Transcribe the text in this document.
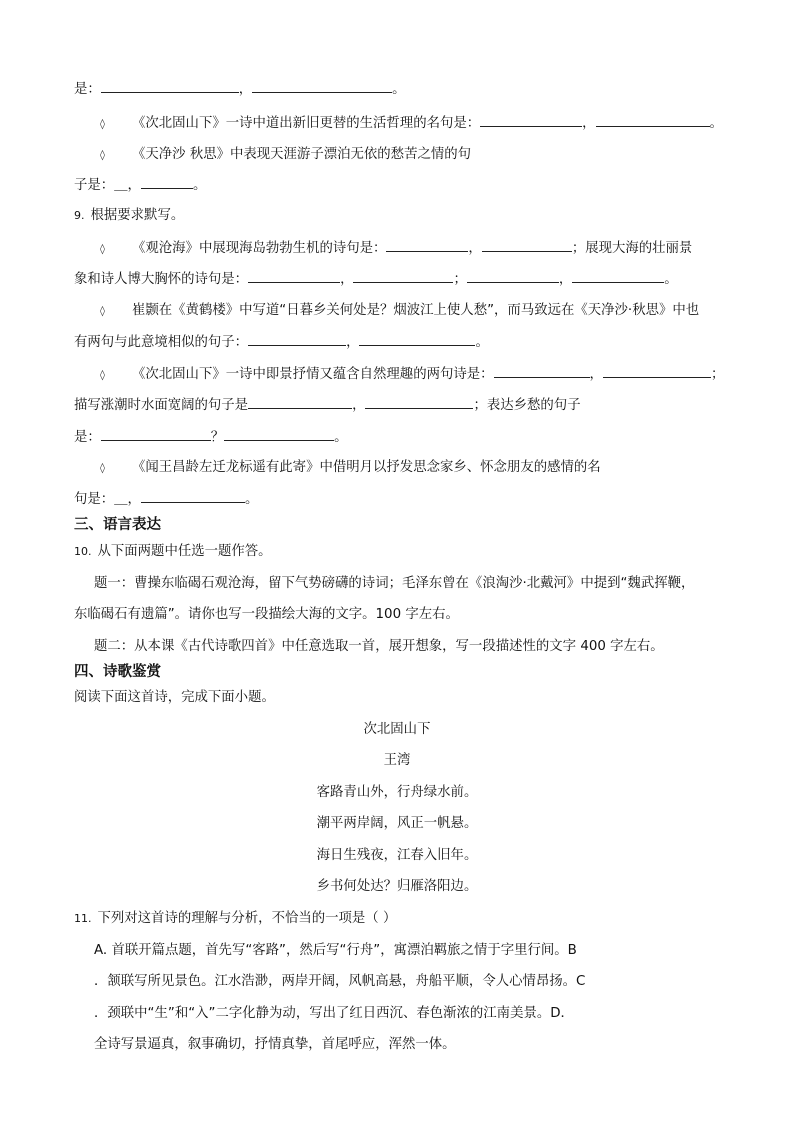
是：	，	。
◊ 《次北固山下》一诗中道出新旧更替的生活哲理的名句是：	，	。
◊ 《天净沙 秋思》中表现天涯游子漂泊无依的愁苦之情的句
子是：＿，	。
9. 根据要求默写。
◊ 《观沧海》中展现海岛勃勃生机的诗句是：	，	；展现大海的壮丽景
象和诗人博大胸怀的诗句是：	，	；	，	。
◊ 崔颢在《黄鹤楼》中写道“日暮乡关何处是？烟波江上使人愁”，而马致远在《天净沙·秋思》中也
有两句与此意境相似的句子：	，	。
◊ 《次北固山下》一诗中即景抒情又蕴含自然理趣的两句诗是：	，	；
描写涨潮时水面宽阔的句子是	，	；表达乡愁的句子
是：	？	。
◊ 《闻王昌龄左迁龙标遥有此寄》中借明月以抒发思念家乡、怀念朋友的感情的名
句是：＿，	。
三、语言表达
10. 从下面两题中任选一题作答。
题一：曹操东临碣石观沧海，留下气势磅礴的诗词；毛泽东曾在《浪淘沙·北戴河》中提到“魏武挥鞭，
东临碣石有遗篇”。请你也写一段描绘大海的文字。100 字左右。
题二：从本课《古代诗歌四首》中任意选取一首，展开想象，写一段描述性的文字 400 字左右。
四、诗歌鉴赏
阅读下面这首诗，完成下面小题。
次北固山下
王湾
客路青山外，行舟绿水前。
潮平两岸阔，风正一帆悬。
海日生残夜，江春入旧年。
乡书何处达？归雁洛阳边。
11. 下列对这首诗的理解与分析，不恰当的一项是（ ）
A. 首联开篇点题，首先写“客路”，然后写“行舟”，寓漂泊羁旅之情于字里行间。B
．颔联写所见景色。江水浩渺，两岸开阔，风帆高悬，舟船平顺，令人心情昂扬。C
．颈联中“生”和“入”二字化静为动，写出了红日西沉、春色渐浓的江南美景。D．
全诗写景逼真，叙事确切，抒情真挚，首尾呼应，浑然一体。
